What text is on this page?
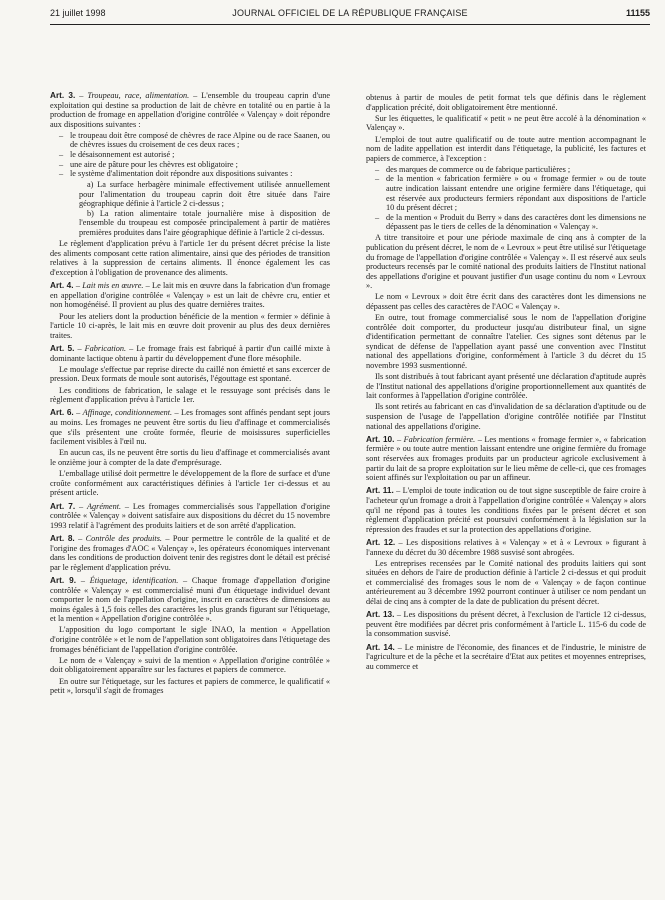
21 juillet 1998	JOURNAL OFFICIEL DE LA RÉPUBLIQUE FRANÇAISE	11155

Art. 3. – Troupeau, race, alimentation. – L'ensemble du troupeau caprin d'une exploitation qui destine sa production de lait de chèvre en totalité ou en partie à la production de fromage en appellation d'origine contrôlée « Valençay » doit répondre aux dispositions suivantes :

– le troupeau doit être composé de chèvres de race Alpine ou de race Saanen, ou de chèvres issues du croisement de ces deux races ;
– le désaisonnement est autorisé ;
– une aire de pâture pour les chèvres est obligatoire ;
– le système d'alimentation doit répondre aux dispositions suivantes :
a) La surface herbagère minimale effectivement utilisée annuellement pour l'alimentation du troupeau caprin doit être située dans l'aire géographique définie à l'article 2 ci-dessus ;
b) La ration alimentaire totale journalière mise à disposition de l'ensemble du troupeau est composée principalement à partir de matières premières produites dans l'aire géographique définie à l'article 2 ci-dessus.

Le règlement d'application prévu à l'article 1er du présent décret précise la liste des aliments composant cette ration alimentaire, ainsi que des périodes de transition relatives à la suppression de certains aliments. Il énonce également les cas d'exception à l'obligation de provenance des aliments.

Art. 4. – Lait mis en œuvre. – Le lait mis en œuvre dans la fabrication d'un fromage en appellation d'origine contrôlée « Valençay » est un lait de chèvre cru, entier et non homogénéisé. Il provient au plus des quatre dernières traites.

Pour les ateliers dont la production bénéficie de la mention « fermier » définie à l'article 10 ci-après, le lait mis en œuvre doit provenir au plus des deux dernières traites.

Art. 5. – Fabrication. – Le fromage frais est fabriqué à partir d'un caillé mixte à dominante lactique obtenu à partir du développement d'une flore mésophile.

Le moulage s'effectue par reprise directe du caillé non émietté et sans excercer de pression. Deux formats de moule sont autorisés, l'égouttage est spontané.

Les conditions de fabrication, le salage et le ressuyage sont précisés dans le règlement d'application prévu à l'article 1er.

Art. 6. – Affinage, conditionnement. – Les fromages sont affinés pendant sept jours au moins. Les fromages ne peuvent être sortis du lieu d'affinage et commercialisés que s'ils présentent une croûte formée, fleurie de moisissures superficielles facilement visibles à l'œil nu.

En aucun cas, ils ne peuvent être sortis du lieu d'affinage et commercialisés avant le onzième jour à compter de la date d'emprésurage.

L'emballage utilisé doit permettre le développement de la flore de surface et d'une croûte conformément aux caractéristiques définies à l'article 1er ci-dessus et au présent article.

Art. 7. – Agrément. – Les fromages commercialisés sous l'appellation d'origine contrôlée « Valençay » doivent satisfaire aux dispositions du décret du 15 novembre 1993 relatif à l'agrément des produits laitiers et de son arrêté d'application.

Art. 8. – Contrôle des produits. – Pour permettre le contrôle de la qualité et de l'origine des fromages d'AOC « Valençay », les opérateurs économiques intervenant dans les conditions de production doivent tenir des registres dont le détail est précisé par le règlement d'application prévu.

Art. 9. – Étiquetage, identification. – Chaque fromage d'appellation d'origine contrôlée « Valençay » est commercialisé muni d'un étiquetage individuel devant comporter le nom de l'appellation d'origine, inscrit en caractères de dimensions au moins égales à 1,5 fois celles des caractères les plus grands figurant sur l'étiquetage, et la mention « Appellation d'origine contrôlée ».

L'apposition du logo comportant le sigle INAO, la mention « Appellation d'origine contrôlée » et le nom de l'appellation sont obligatoires dans l'étiquetage des fromages bénéficiant de l'appellation d'origine contrôlée.

Le nom de « Valençay » suivi de la mention « Appellation d'origine contrôlée » doit obligatoirement apparaître sur les factures et papiers de commerce.

En outre sur l'étiquetage, sur les factures et papiers de commerce, le qualificatif « petit », lorsqu'il s'agit de fromages

obtenus à partir de moules de petit format tels que définis dans le règlement d'application précité, doit obligatoirement être mentionné.

Sur les étiquettes, le qualificatif « petit » ne peut être accolé à la dénomination « Valençay ».

L'emploi de tout autre qualificatif ou de toute autre mention accompagnant le nom de ladite appellation est interdit dans l'étiquetage, la publicité, les factures et papiers de commerce, à l'exception :

– des marques de commerce ou de fabrique particulières ;
– de la mention « fabrication fermière » ou « fromage fermier » ou de toute autre indication laissant entendre une origine fermière dans l'étiquetage, qui est réservée aux producteurs fermiers répondant aux dispositions de l'article 10 du présent décret ;
– de la mention « Produit du Berry » dans des caractères dont les dimensions ne dépassent pas le tiers de celles de la dénomination « Valençay ».

A titre transitoire et pour une période maximale de cinq ans à compter de la publication du présent décret, le nom de « Levroux » peut être utilisé sur l'étiquetage du fromage de l'appellation d'origine contrôlée « Valençay ». Il est réservé aux seuls producteurs recensés par le comité national des produits laitiers de l'Institut national des appellations d'origine et pouvant justifier d'un usage continu du nom « Levroux ».

Le nom « Levroux » doit être écrit dans des caractères dont les dimensions ne dépassent pas celles des caractères de l'AOC « Valençay ».

En outre, tout fromage commercialisé sous le nom de l'appellation d'origine contrôlée doit comporter, du producteur jusqu'au distributeur final, un signe d'identification permettant de connaître l'atelier. Ces signes sont détenus par le syndicat de défense de l'appellation ayant passé une convention avec l'Institut national des appellations d'origine, conformément à l'article 3 du décret du 15 novembre 1993 susmentionné.

Ils sont distribués à tout fabricant ayant présenté une déclaration d'aptitude auprès de l'Institut national des appellations d'origine proportionnellement aux quantités de lait conformes à l'appellation d'origine contrôlée.

Ils sont retirés au fabricant en cas d'invalidation de sa déclaration d'aptitude ou de suspension de l'usage de l'appellation d'origine contrôlée notifiée par l'Institut national des appellations d'origine.

Art. 10. – Fabrication fermière. – Les mentions « fromage fermier », « fabrication fermière » ou toute autre mention laissant entendre une origine fermière du fromage sont réservées aux fromages produits par un producteur agricole exclusivement à partir du lait de sa propre exploitation sur le lieu même de celle-ci, que ces fromages soient affinés sur l'exploitation ou par un affineur.

Art. 11. – L'emploi de toute indication ou de tout signe susceptible de faire croire à l'acheteur qu'un fromage a droit à l'appellation d'origine contrôlée « Valençay » alors qu'il ne répond pas à toutes les conditions fixées par le présent décret et son règlement d'application précité est poursuivi conformément à la législation sur la répression des fraudes et sur la protection des appellations d'origine.

Art. 12. – Les dispositions relatives à « Valençay » et à « Levroux » figurant à l'annexe du décret du 30 décembre 1988 susvisé sont abrogées.

Les entreprises recensées par le Comité national des produits laitiers qui sont situées en dehors de l'aire de production définie à l'article 2 ci-dessus et qui produit et commercialisé des fromages sous le nom de « Valençay » de façon continue antérieurement au 3 décembre 1992 pourront continuer à utiliser ce nom pendant un délai de cinq ans à compter de la date de publication du présent décret.

Art. 13. – Les dispositions du présent décret, à l'exclusion de l'article 12 ci-dessus, peuvent être modifiées par décret pris conformément à l'article L. 115-6 du code de la consommation susvisé.

Art. 14. – Le ministre de l'économie, des finances et de l'industrie, le ministre de l'agriculture et de la pêche et la secrétaire d'Etat aux petites et moyennes entreprises, au commerce et
